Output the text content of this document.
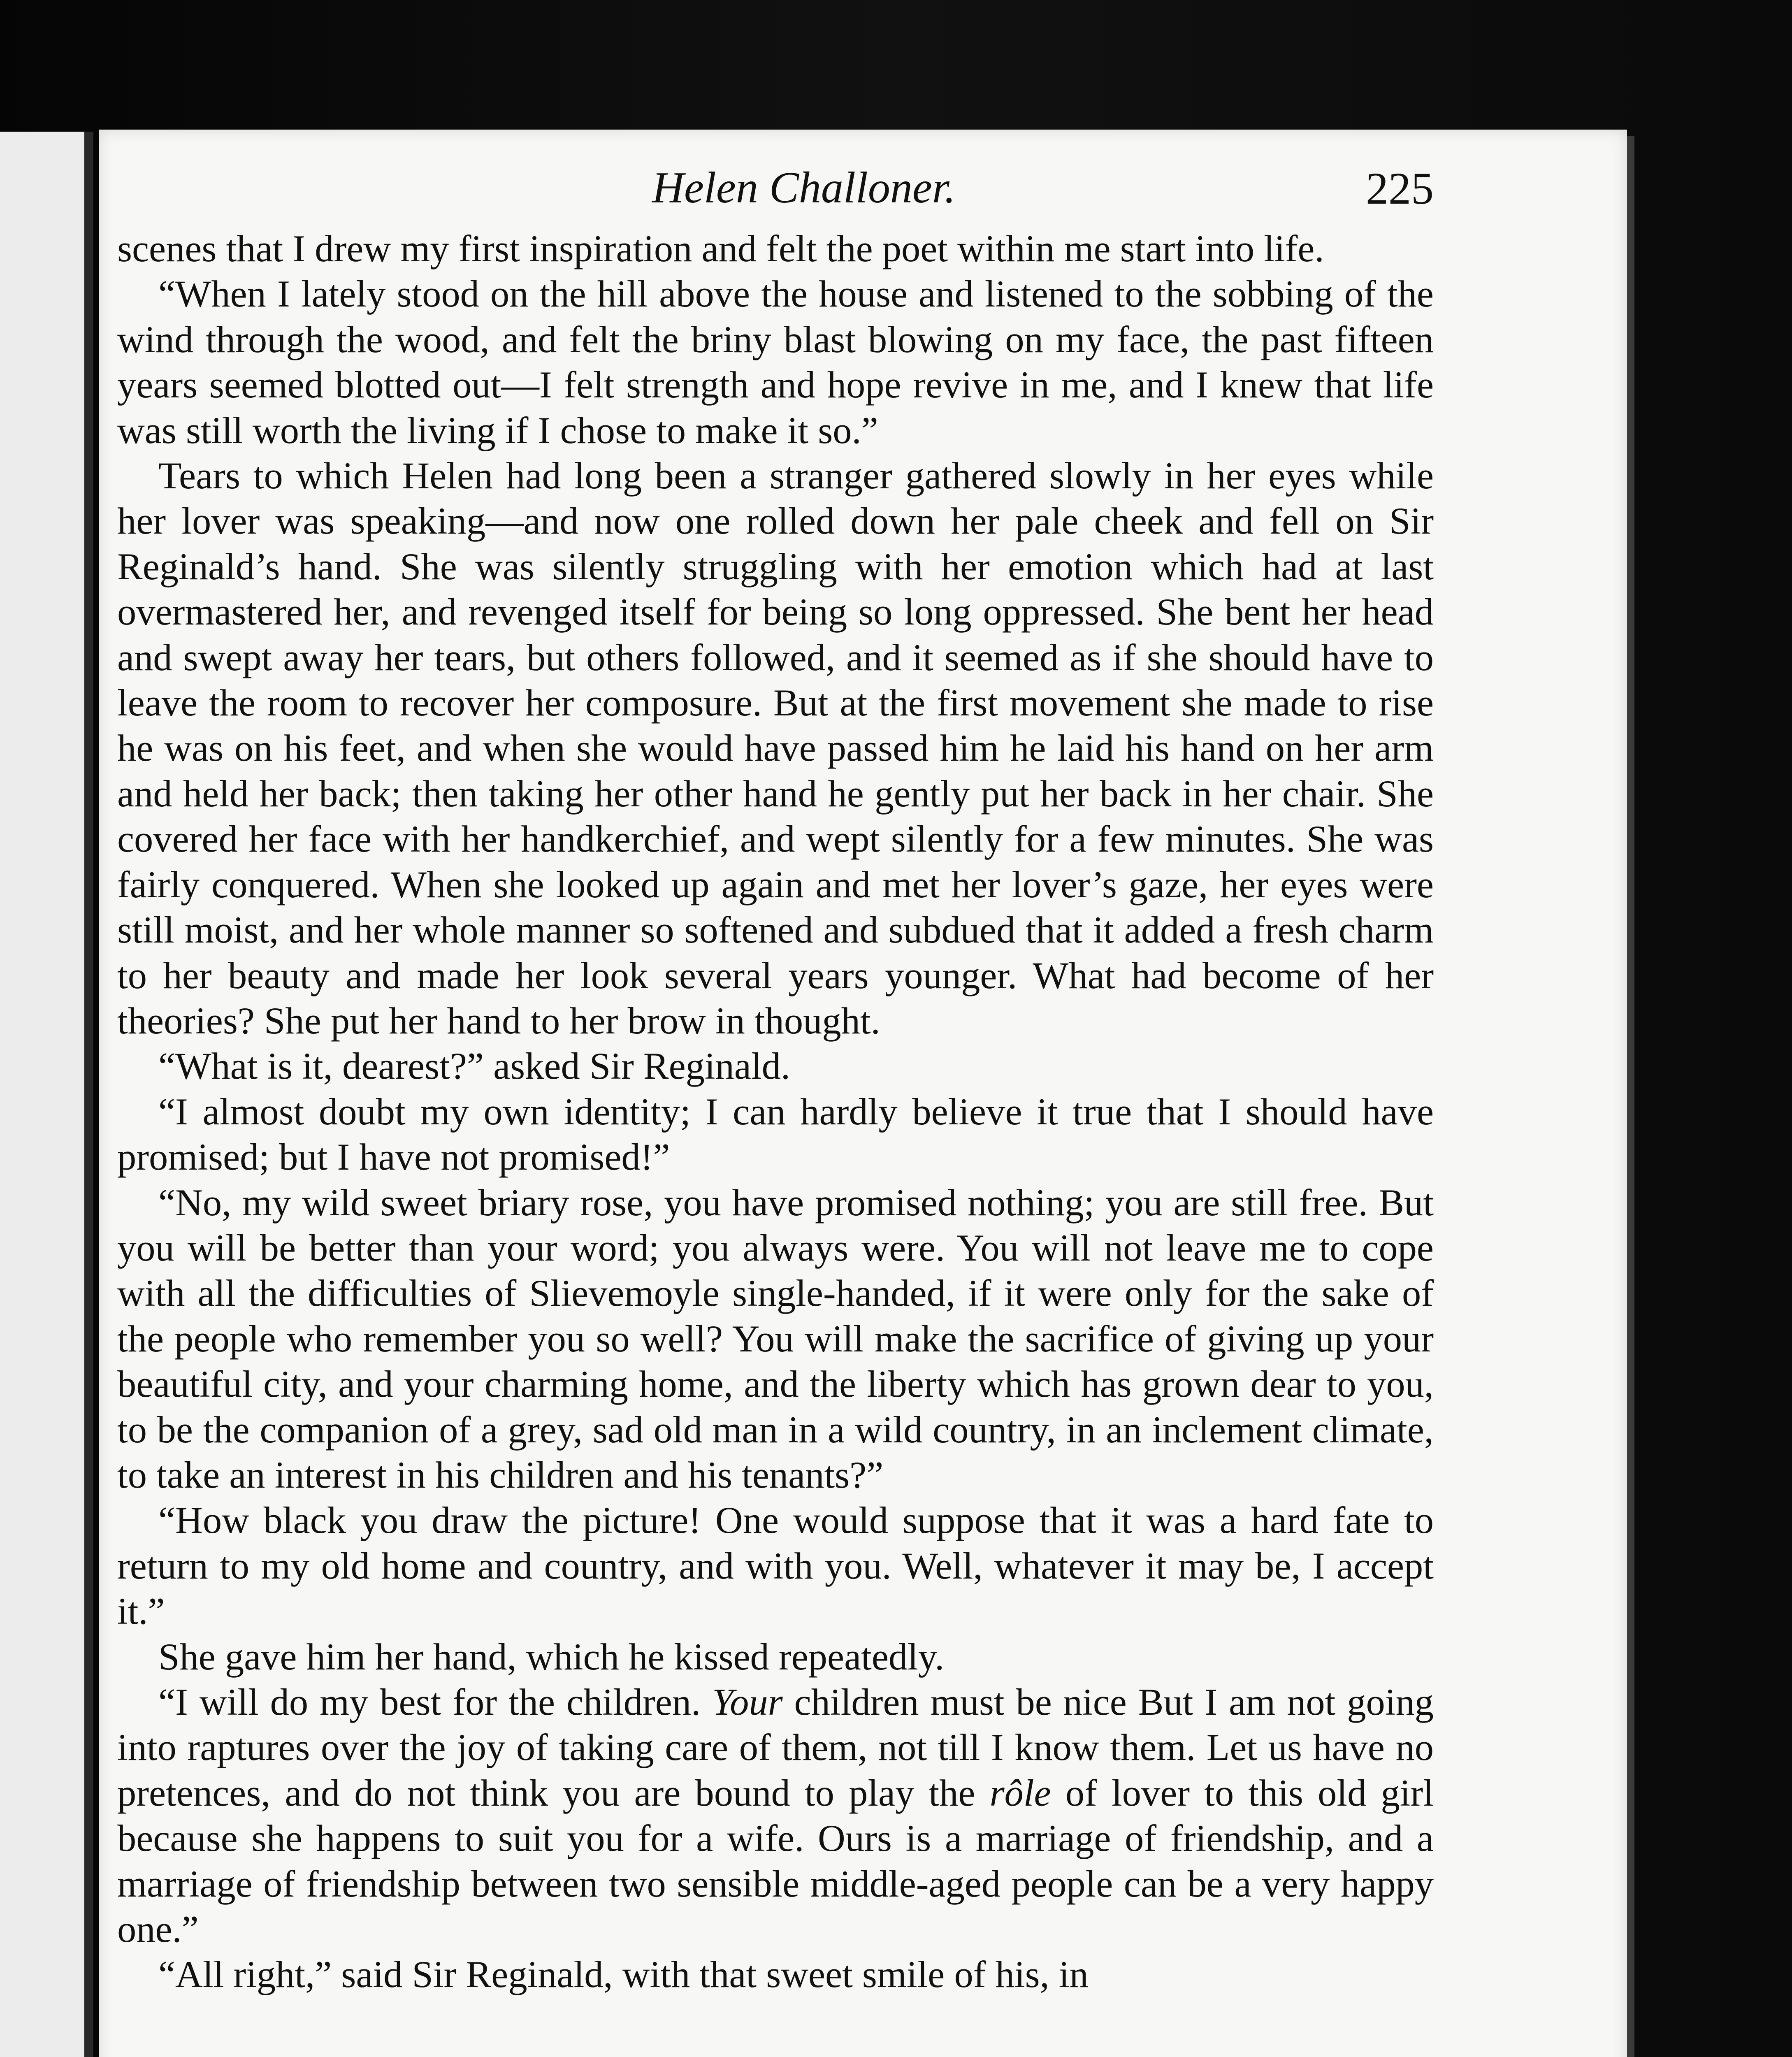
Helen Challoner.	225

scenes that I drew my first inspiration and felt the poet within me start into life.

“When I lately stood on the hill above the house and listened to the sobbing of the wind through the wood, and felt the briny blast blowing on my face, the past fifteen years seemed blotted out—I felt strength and hope revive in me, and I knew that life was still worth the living if I chose to make it so.”

Tears to which Helen had long been a stranger gathered slowly in her eyes while her lover was speaking—and now one rolled down her pale cheek and fell on Sir Reginald’s hand. She was silently struggling with her emotion which had at last overmastered her, and revenged itself for being so long oppressed. She bent her head and swept away her tears, but others followed, and it seemed as if she should have to leave the room to recover her composure. But at the first movement she made to rise he was on his feet, and when she would have passed him he laid his hand on her arm and held her back; then taking her other hand he gently put her back in her chair. She covered her face with her handkerchief, and wept silently for a few minutes. She was fairly conquered. When she looked up again and met her lover’s gaze, her eyes were still moist, and her whole manner so softened and subdued that it added a fresh charm to her beauty and made her look several years younger. What had become of her theories? She put her hand to her brow in thought.

“What is it, dearest?” asked Sir Reginald.

“I almost doubt my own identity; I can hardly believe it true that I should have promised; but I have not promised!”

“No, my wild sweet briary rose, you have promised nothing; you are still free. But you will be better than your word; you always were. You will not leave me to cope with all the difficulties of Slievemoyle single-handed, if it were only for the sake of the people who remember you so well? You will make the sacrifice of giving up your beautiful city, and your charming home, and the liberty which has grown dear to you, to be the companion of a grey, sad old man in a wild country, in an inclement climate, to take an interest in his children and his tenants?”

“How black you draw the picture! One would suppose that it was a hard fate to return to my old home and country, and with you. Well, whatever it may be, I accept it.”

She gave him her hand, which he kissed repeatedly.

“I will do my best for the children. Your children must be nice But I am not going into raptures over the joy of taking care of them, not till I know them. Let us have no pretences, and do not think you are bound to play the rôle of lover to this old girl because she happens to suit you for a wife. Ours is a marriage of friendship, and a marriage of friendship between two sensible middle-aged people can be a very happy one.”

“All right,” said Sir Reginald, with that sweet smile of his, in
